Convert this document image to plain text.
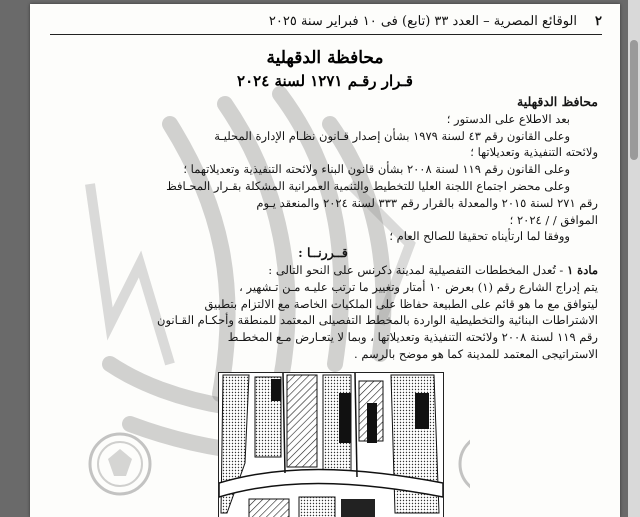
٢
الوقائع المصرية – العدد ٣٣ (تابع) فى ١٠ فبراير سنة ٢٠٢٥
محافظة الدقهلية
قـرار رقـم ١٢٧١ لسنة ٢٠٢٤

محافظ الدقهلية

بعد الاطلاع على الدستور ؛

وعلى القانون رقم ٤٣ لسنة ١٩٧٩ بشأن إصدار قـانون نظـام الإدارة المحليـة

ولائحته التنفيذية وتعديلاتها ؛

وعلى القانون رقم ١١٩ لسنة ٢٠٠٨ بشأن قانون البناء ولائحته التنفيذية وتعديلاتهما ؛

وعلى محضر اجتماع اللجنة العليا للتخطيط والتنمية العمرانية المشكلة بقـرار المحـافظ

رقم ٢٧١ لسنة ٢٠١٥ والمعدلة بالقرار رقم ٣٣٣ لسنة ٢٠٢٤ والمنعقد يـوم

الموافق / / ٢٠٢٤ ؛

ووفقا لما ارتأيناه تحقيقا للصالح العام ؛

قــررنــا :

مادة ١ - تُعدل المخططات التفصيلية لمدينة دكرنس على النحو التالى :

يتم إدراج الشارع رقم (١) بعرض ١٠ أمتار وتغيير ما ترتب عليـه مـن تـشهير ،

ليتوافق مع ما هو قائم على الطبيعة حفاظا على الملكيات الخاصة مع الالتزام بتطبيق

الاشتراطات البنائية والتخطيطية الواردة بالمخطط التفصيلى المعتمد للمنطقة وأحكـام القـانون

رقم ١١٩ لسنة ٢٠٠٨ ولائحته التنفيذية وتعديلاتها ، وبما لا يتعـارض مـع المخطـط

الاستراتيجى المعتمد للمدينة كما هو موضح بالرسم .
